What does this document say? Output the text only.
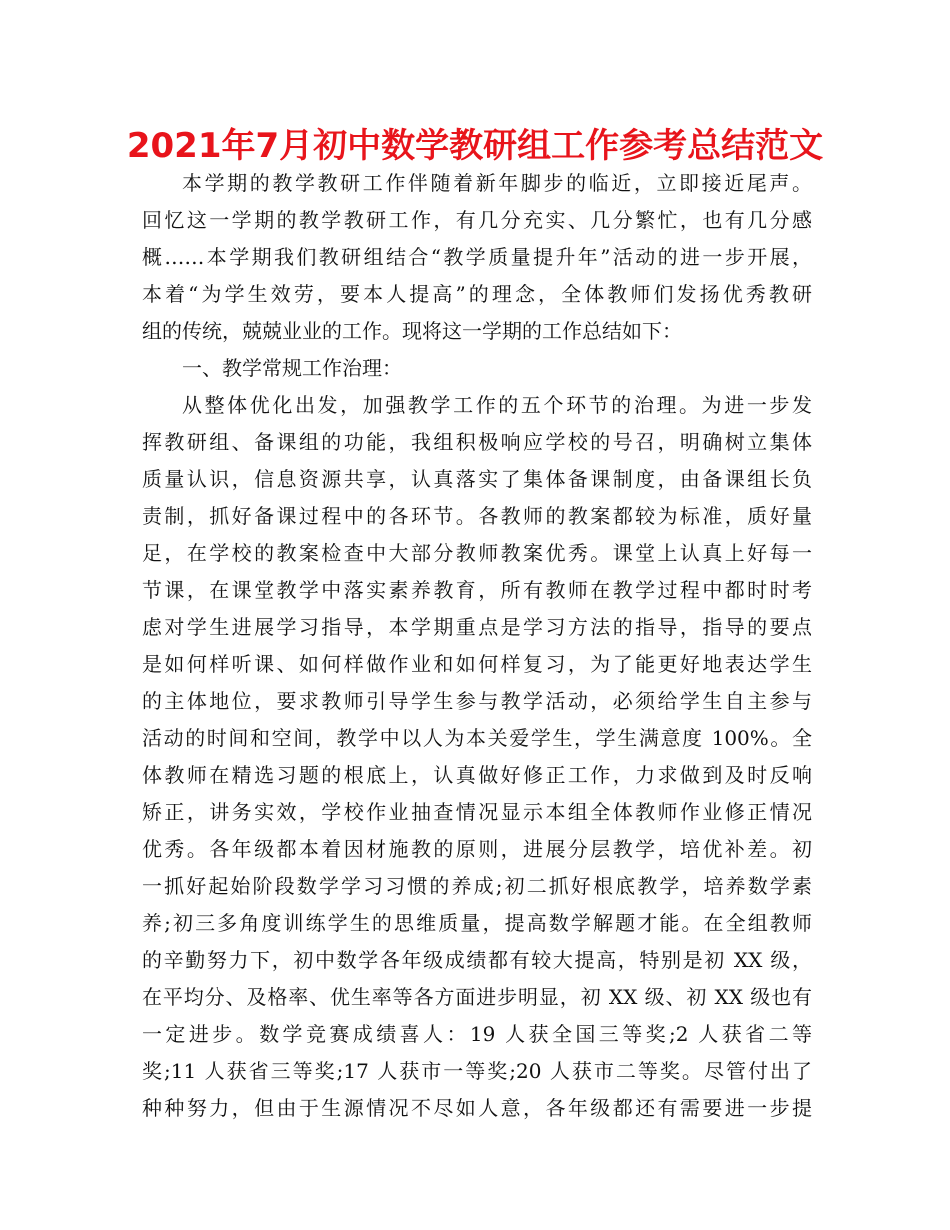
2021年7月初中数学教研组工作参考总结范文
本学期的教学教研工作伴随着新年脚步的临近，立即接近尾声。
回忆这一学期的教学教研工作，有几分充实、几分繁忙，也有几分感
概……本学期我们教研组结合“教学质量提升年”活动的进一步开展，
本着“为学生效劳，要本人提高”的理念，全体教师们发扬优秀教研
组的传统，兢兢业业的工作。现将这一学期的工作总结如下：
一、教学常规工作治理：
从整体优化出发，加强教学工作的五个环节的治理。为进一步发
挥教研组、备课组的功能，我组积极响应学校的号召，明确树立集体
质量认识，信息资源共享，认真落实了集体备课制度，由备课组长负
责制，抓好备课过程中的各环节。各教师的教案都较为标准，质好量
足，在学校的教案检查中大部分教师教案优秀。课堂上认真上好每一
节课，在课堂教学中落实素养教育，所有教师在教学过程中都时时考
虑对学生进展学习指导，本学期重点是学习方法的指导，指导的要点
是如何样听课、如何样做作业和如何样复习，为了能更好地表达学生
的主体地位，要求教师引导学生参与教学活动，必须给学生自主参与
活动的时间和空间，教学中以人为本关爱学生，学生满意度 100%。全
体教师在精选习题的根底上，认真做好修正工作，力求做到及时反响
矫正，讲务实效，学校作业抽查情况显示本组全体教师作业修正情况
优秀。各年级都本着因材施教的原则，进展分层教学，培优补差。初
一抓好起始阶段数学学习习惯的养成;初二抓好根底教学，培养数学素
养;初三多角度训练学生的思维质量，提高数学解题才能。在全组教师
的辛勤努力下，初中数学各年级成绩都有较大提高，特别是初 XX 级，
在平均分、及格率、优生率等各方面进步明显，初 XX 级、初 XX 级也有
一定进步。数学竞赛成绩喜人：19 人获全国三等奖;2 人获省二等
奖;11 人获省三等奖;17 人获市一等奖;20 人获市二等奖。尽管付出了
种种努力，但由于生源情况不尽如人意，各年级都还有需要进一步提
